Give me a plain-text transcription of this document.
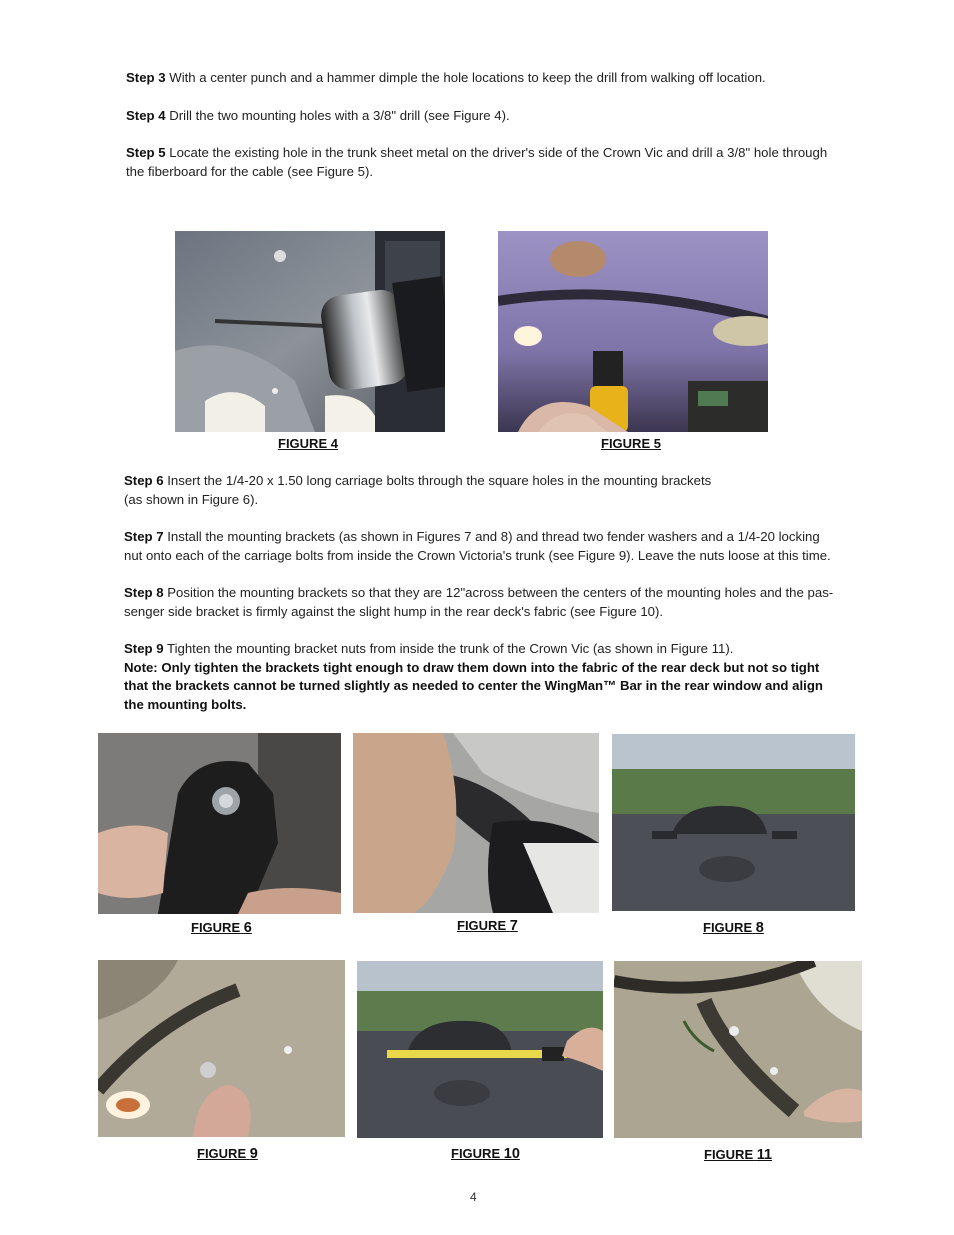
Step 3 With a center punch and a hammer dimple the hole locations to keep the drill from walking off location.

Step 4 Drill the two mounting holes with a 3/8" drill (see Figure 4).

Step 5 Locate the existing hole in the trunk sheet metal on the driver's side of the Crown Vic and drill a 3/8" hole through
the fiberboard for the cable (see Figure 5).

FIGURE 4	FIGURE 5

Step 6 Insert the 1/4-20 x 1.50 long carriage bolts through the square holes in the mounting brackets
(as shown in Figure 6).

Step 7 Install the mounting brackets (as shown in Figures 7 and 8) and thread two fender washers and a 1/4-20 locking
nut onto each of the carriage bolts from inside the Crown Victoria's trunk (see Figure 9). Leave the nuts loose at this time.

Step 8 Position the mounting brackets so that they are 12"across between the centers of the mounting holes and the pas-
senger side bracket is firmly against the slight hump in the rear deck's fabric (see Figure 10).

Step 9 Tighten the mounting bracket nuts from inside the trunk of the Crown Vic (as shown in Figure 11).
Note: Only tighten the brackets tight enough to draw them down into the fabric of the rear deck but not so tight
that the brackets cannot be turned slightly as needed to center the WingMan™ Bar in the rear window and align
the mounting bolts.

FIGURE 6	FIGURE 7	FIGURE 8
FIGURE 9	FIGURE 10	FIGURE 11
4
